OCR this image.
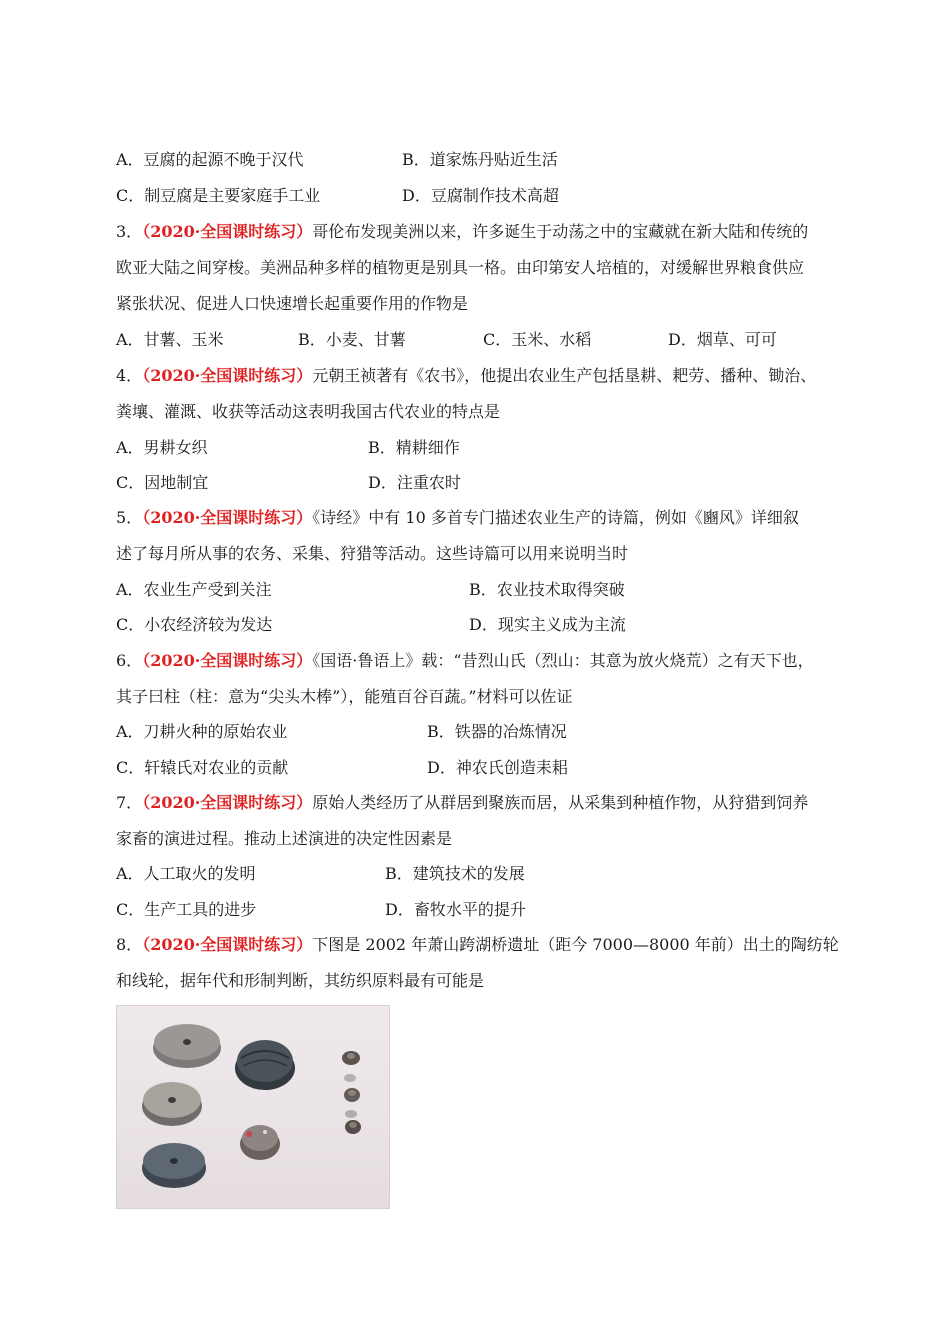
A．豆腐的起源不晚于汉代	B．道家炼丹贴近生活
C．制豆腐是主要家庭手工业	D．豆腐制作技术高超
3．（2020·全国课时练习）哥伦布发现美洲以来，许多诞生于动荡之中的宝藏就在新大陆和传统的
欧亚大陆之间穿梭。美洲品种多样的植物更是别具一格。由印第安人培植的，对缓解世界粮食供应
紧张状况、促进人口快速增长起重要作用的作物是
A．甘薯、玉米	B．小麦、甘薯	C．玉米、水稻	D．烟草、可可
4．（2020·全国课时练习）元朝王祯著有《农书》，他提出农业生产包括垦耕、耙劳、播种、锄治、
粪壤、灌溉、收获等活动这表明我国古代农业的特点是
A．男耕女织	B．精耕细作
C．因地制宜	D．注重农时
5．（2020·全国课时练习）《诗经》中有 10 多首专门描述农业生产的诗篇，例如《豳风》详细叙
述了每月所从事的农务、采集、狩猎等活动。这些诗篇可以用来说明当时
A．农业生产受到关注	B．农业技术取得突破
C．小农经济较为发达	D．现实主义成为主流
6．（2020·全国课时练习）《国语·鲁语上》载：“昔烈山氏（烈山：其意为放火烧荒）之有天下也，
其子曰柱（柱：意为“尖头木棒”），能殖百谷百蔬。”材料可以佐证
A．刀耕火种的原始农业	B．铁器的冶炼情况
C．轩辕氏对农业的贡献	D．神农氏创造耒耜
7．（2020·全国课时练习）原始人类经历了从群居到聚族而居，从采集到种植作物，从狩猎到饲养
家畜的演进过程。推动上述演进的决定性因素是
A．人工取火的发明	B．建筑技术的发展
C．生产工具的进步	D．畜牧水平的提升
8．（2020·全国课时练习）下图是 2002 年萧山跨湖桥遗址（距今 7000—8000 年前）出土的陶纺轮
和线轮，据年代和形制判断，其纺织原料最有可能是
